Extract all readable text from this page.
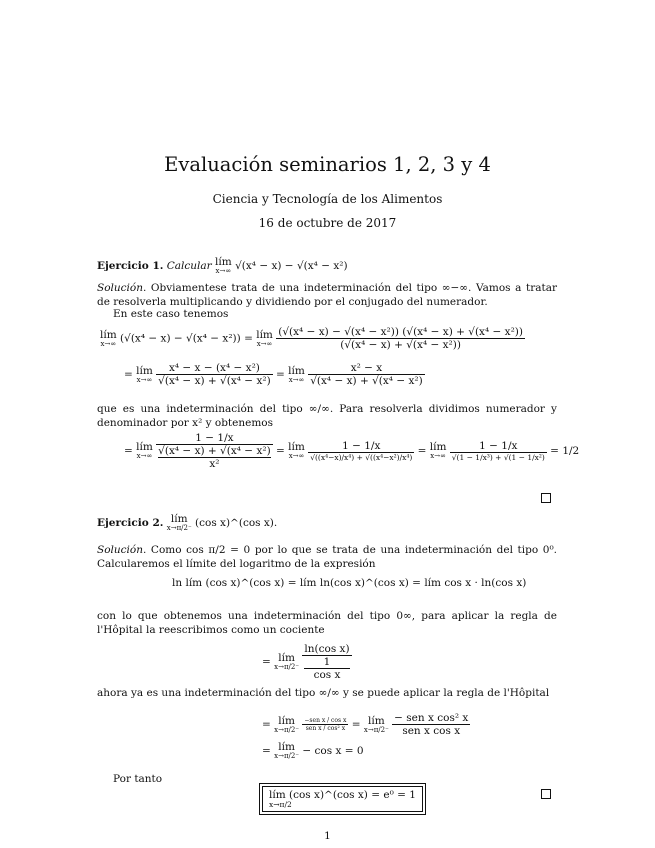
Evaluación seminarios 1, 2, 3 y 4
Ciencia y Tecnología de los Alimentos
16 de octubre de 2017
Ejercicio 1. Calcular lím
x→∞ √(x⁴ − x) − √(x⁴ − x²)
Solución. Obviamentese trata de una indeterminación del tipo ∞−∞. Vamos a tratar de resolverla multiplicando y dividiendo por el conjugado del numerador.
En este caso tenemos
lím
x→∞ (√(x⁴ − x) − √(x⁴ − x²)) = lím
x→∞
$\frac{\text{(√(x⁴ − x) − √(x⁴ − x²)) (√(x⁴ − x) + √(x⁴ − x²))}}{\text{(√(x⁴ − x) + √(x⁴ − x²))}}$
= lím
x→∞
$\frac{\text{x⁴ − x − (x⁴ − x²)}}{\text{√(x⁴ − x) + √(x⁴ − x²)}}$ = lím
x→∞
$\frac{\text{x² − x}}{\text{√(x⁴ − x) + √(x⁴ − x²)}}$
que es una indeterminación del tipo ∞/∞. Para resolverla dividimos numerador y denominador por x² y obtenemos
= lím
x→∞
1 − 1/x
√(x⁴ − x) + √(x⁴ − x²)
x² = lím
x→∞
$\frac{1 - 1/x}{\text{√((x⁴−x)/x⁴) + √((x⁴−x²)/x⁴)}}$ = lím
x→∞
$\frac{1 - 1/x}{\text{√(1 − 1/x³) + √(1 − 1/x²)}} = 1/2$
Ejercicio 2. lím
x→π/2⁻ (cos x)^(cos x).
Solución. Como cos π/2 = 0 por lo que se trata de una indeterminación del tipo 0⁰. Calcularemos el límite del logaritmo de la expresión
ln lím (cos x)^(cos x) = lím ln(cos x)^(cos x) = lím cos x · ln(cos x)
con lo que obtenemos una indeterminación del tipo 0∞, para aplicar la regla de l'Hôpital la reescribimos como un cociente
= lím
x→π/2⁻
ln(cos x)
1
cos x
ahora ya es una indeterminación del tipo ∞/∞ y se puede aplicar la regla de l'Hôpital
= lím
x→π/2⁻
$\frac{\text{−sen x / cos x}}{\text{sen x / cos² x}}$ = lím
x→π/2⁻
$\frac{\text{− sen x cos² x}}{\text{sen x cos x}}$
= lím
x→π/2⁻ − cos x = 0
Por tanto
lím (cos x)^(cos x) = e⁰ = 1
x→π/2
1
